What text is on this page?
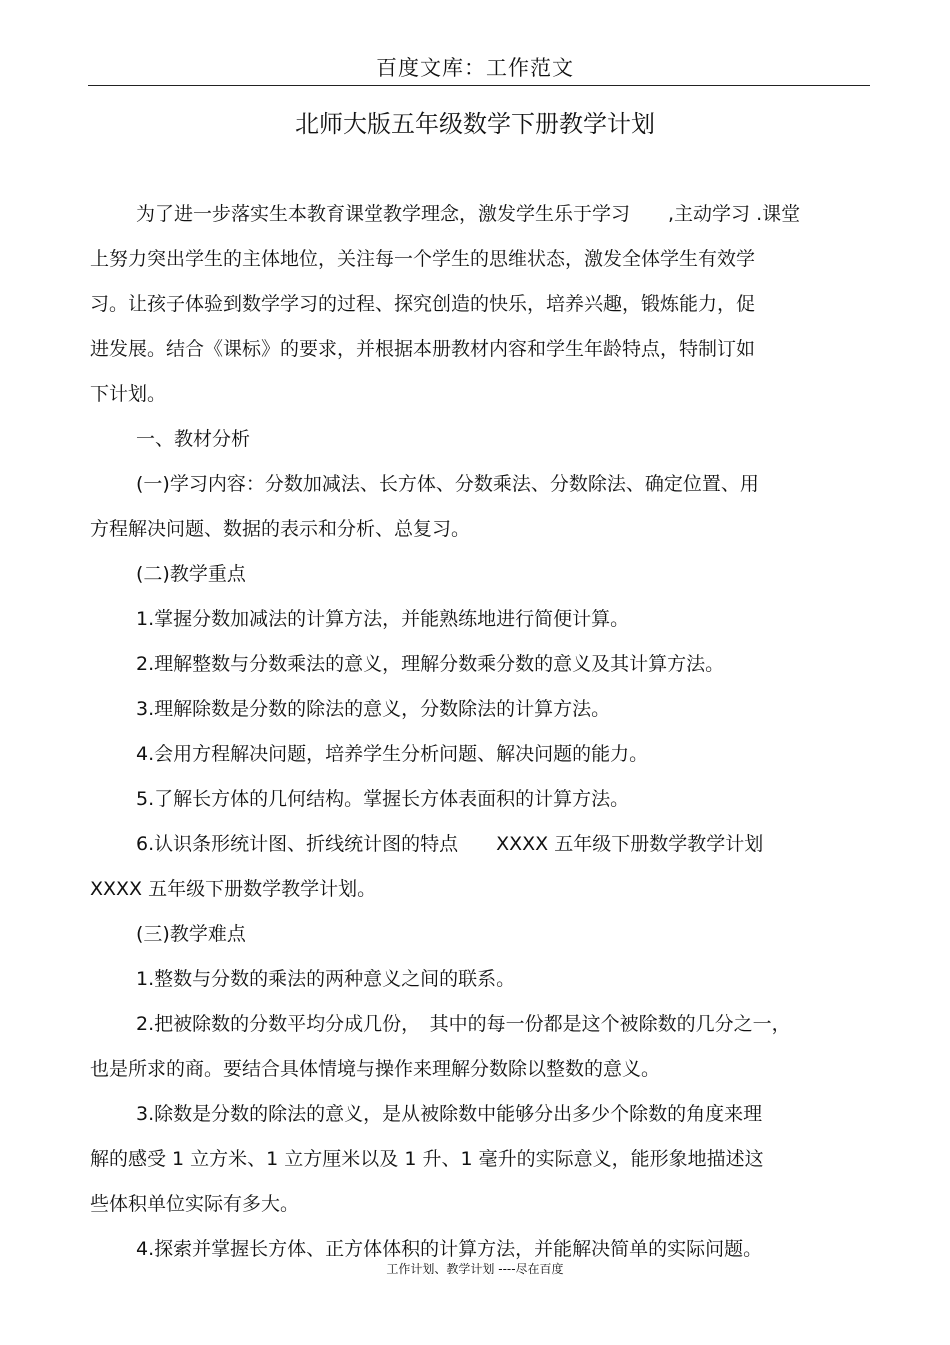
百度文库：工作范文
北师大版五年级数学下册教学计划
为了进一步落实生本教育课堂教学理念，激发学生乐于学习　　,主动学习 .课堂
上努力突出学生的主体地位，关注每一个学生的思维状态，激发全体学生有效学
习。让孩子体验到数学学习的过程、探究创造的快乐，培养兴趣，锻炼能力，促
进发展。结合《课标》的要求，并根据本册教材内容和学生年龄特点，特制订如
下计划。
一、教材分析
(一)学习内容：分数加减法、长方体、分数乘法、分数除法、确定位置、用
方程解决问题、数据的表示和分析、总复习。
(二)教学重点
1.掌握分数加减法的计算方法，并能熟练地进行简便计算。
2.理解整数与分数乘法的意义，理解分数乘分数的意义及其计算方法。
3.理解除数是分数的除法的意义，分数除法的计算方法。
4.会用方程解决问题，培养学生分析问题、解决问题的能力。
5.了解长方体的几何结构。掌握长方体表面积的计算方法。
6.认识条形统计图、折线统计图的特点　　XXXX 五年级下册数学教学计划
XXXX 五年级下册数学教学计划。
(三)教学难点
1.整数与分数的乘法的两种意义之间的联系。
2.把被除数的分数平均分成几份，　其中的每一份都是这个被除数的几分之一，
也是所求的商。要结合具体情境与操作来理解分数除以整数的意义。
3.除数是分数的除法的意义，是从被除数中能够分出多少个除数的角度来理
解的感受 1 立方米、1 立方厘米以及 1 升、1 毫升的实际意义，能形象地描述这
些体积单位实际有多大。
4.探索并掌握长方体、正方体体积的计算方法，并能解决简单的实际问题。
工作计划、教学计划 ----尽在百度
